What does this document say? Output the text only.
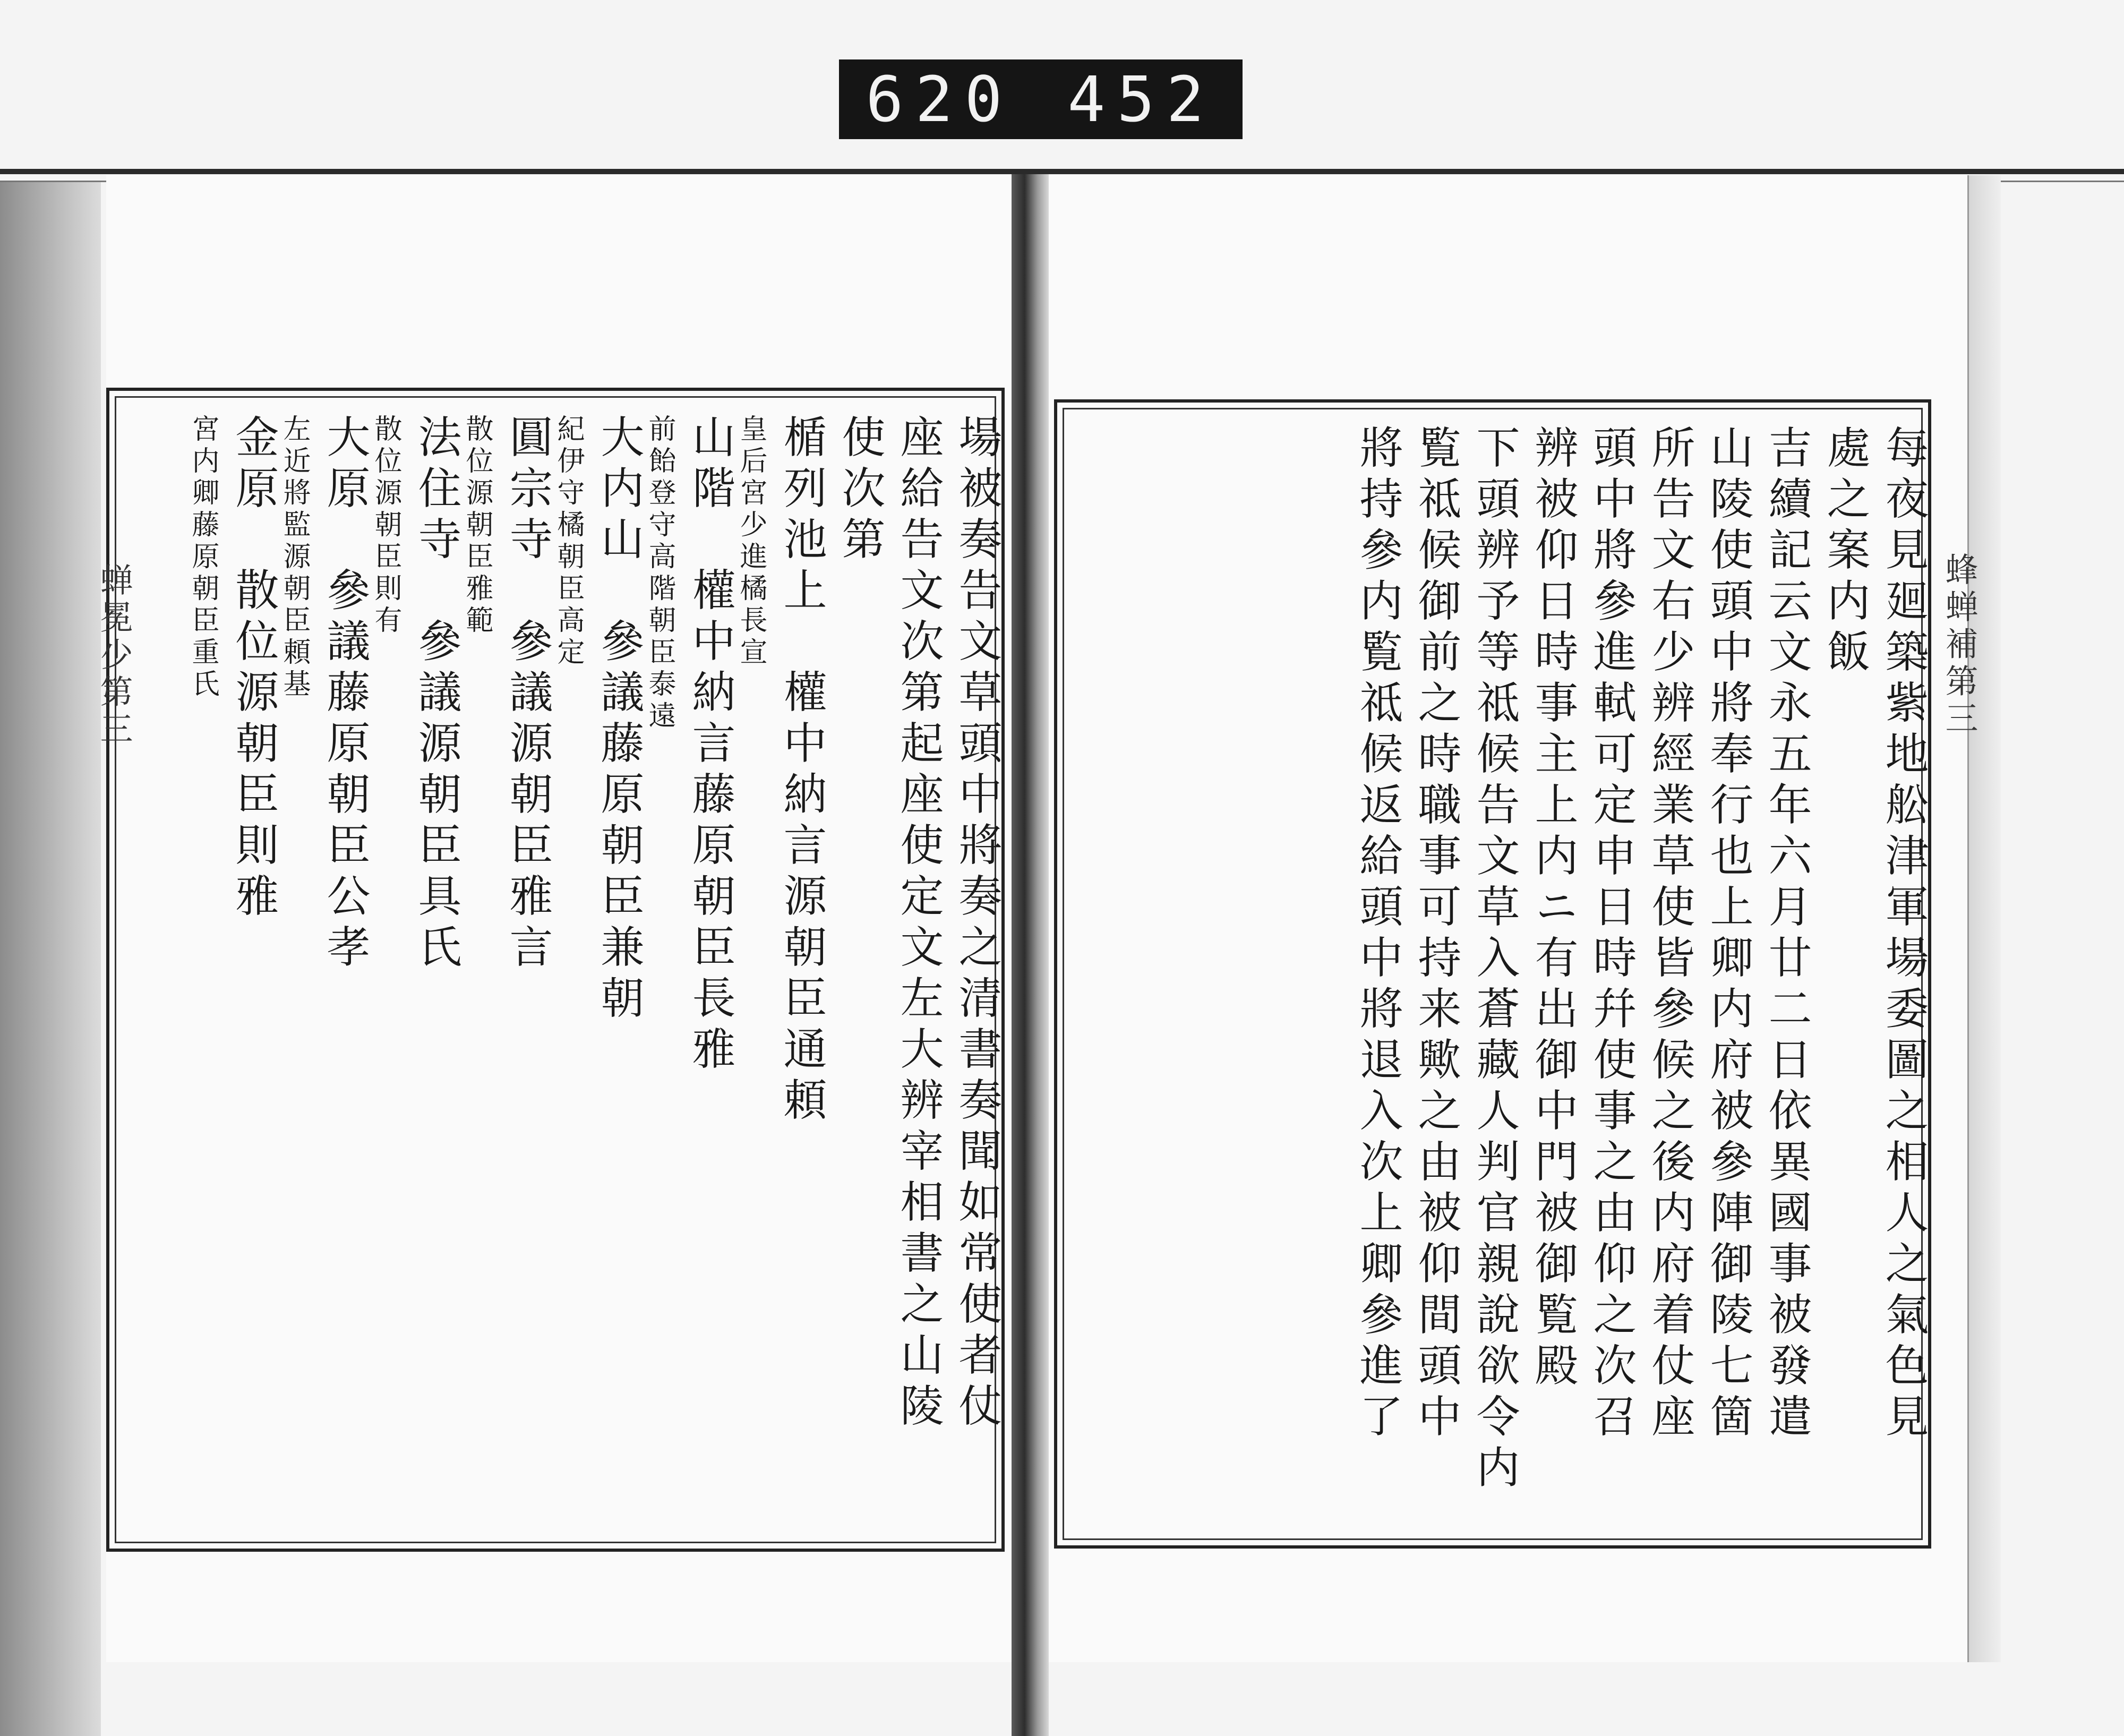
620 452
蝉冕少第三	蜂蝉補第三
每夜見廻築紫地舩津軍場委圖之相人之氣色見
處之案内飯
吉續記云文永五年六月廿二日依異國事被發遣
山陵使頭中將奉行也上卿内府被參陣御陵七箇
所告文右少辨經業草使皆參候之後内府着仗座
頭中將參進軾可定申日時幷使事之由仰之次召
辨被仰日時事主上内ニ有出御中門被御覧殿
下頭辨予等祗候告文草入蒼藏人判官親說欲令内
覧祗候御前之時職事可持来歟之由被仰間頭中
將持參内覧祗候返給頭中將退入次上卿參進了
場被奏告文草頭中將奏之清書奏聞如常使者仗
座給告文次第起座使定文左大辨宰相書之山陵
使次第
楯列池上　權中納言源朝臣通頼
皇后宮少進橘長宣
山階　權中納言藤原朝臣長雅
前飴登守高階朝臣泰遠
大内山　參議藤原朝臣兼朝
紀伊守橘朝臣高定
圓宗寺　參議源朝臣雅言
散位源朝臣雅範
法住寺　參議源朝臣具氏
散位源朝臣則有
大原　參議藤原朝臣公孝
左近將監源朝臣頼基
金原　散位源朝臣則雅
宮内卿藤原朝臣重氏
